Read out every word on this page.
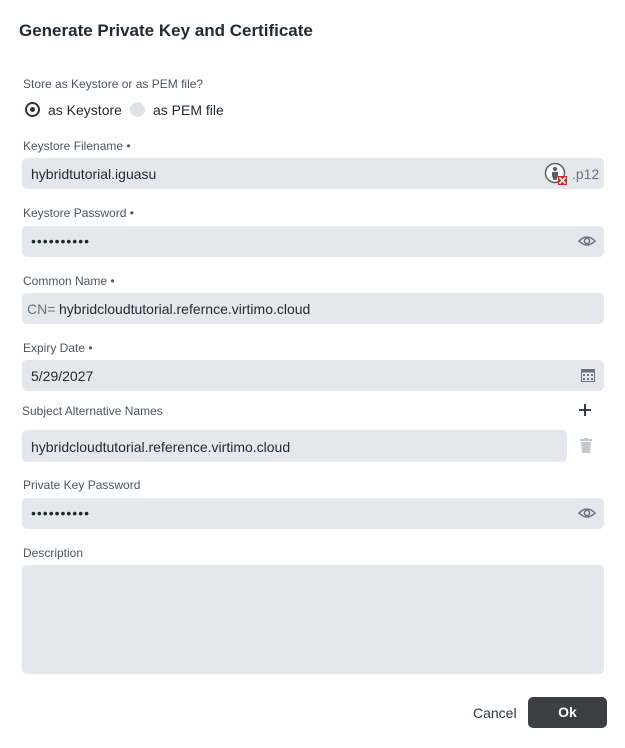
Generate Private Key and Certificate
Store as Keystore or as PEM file?
as Keystore as PEM file
Keystore Filename •
hybridtutorial.iguasu	.p12
Keystore Password •
••••••••••
Common Name •
CN= hybridcloudtutorial.refernce.virtimo.cloud
Expiry Date •
5/29/2027
Subject Alternative Names
hybridcloudtutorial.reference.virtimo.cloud
Private Key Password
••••••••••
Description
Cancel	Ok
